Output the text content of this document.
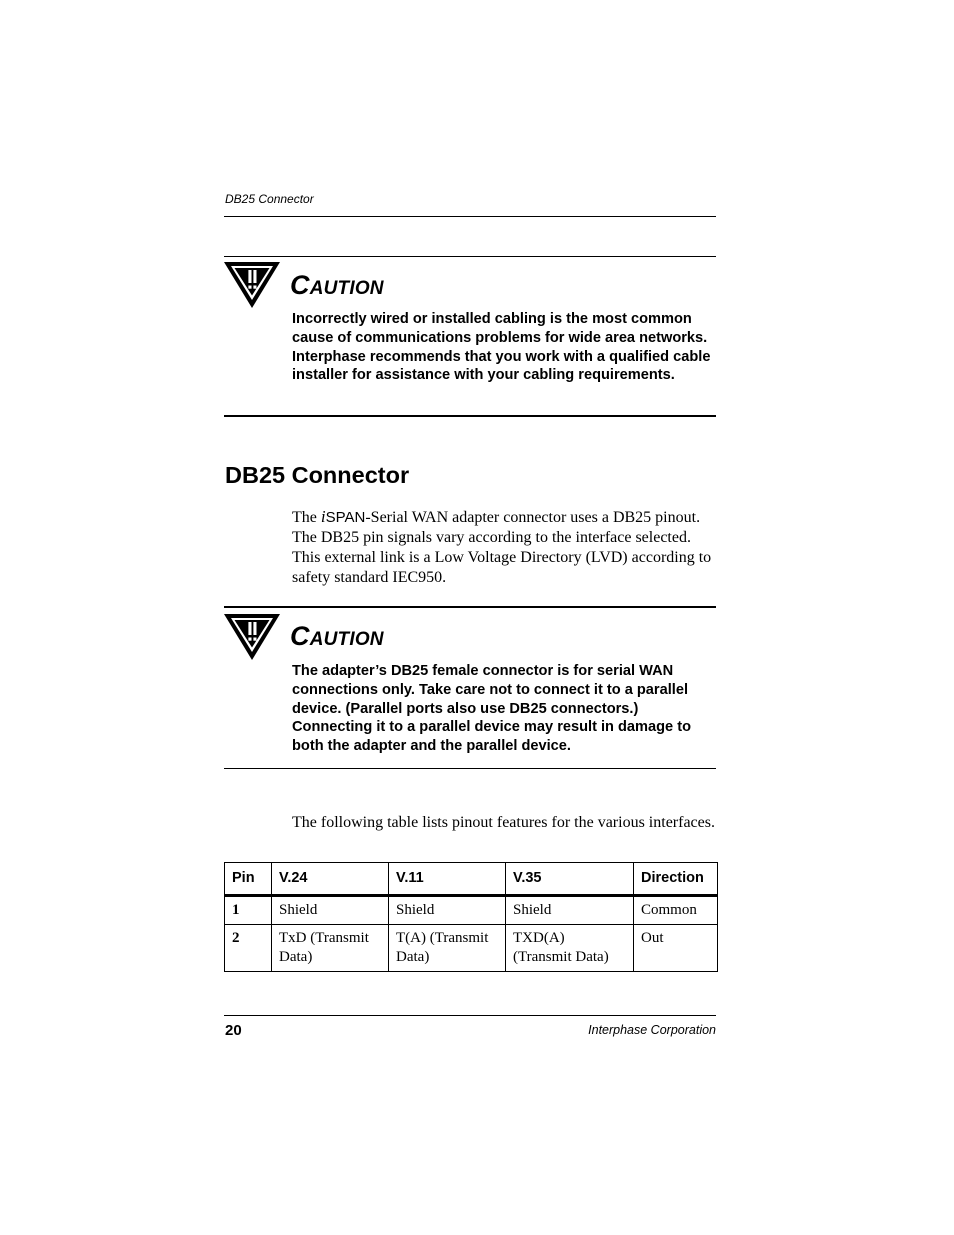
DB25 Connector
CAUTION
Incorrectly wired or installed cabling is the most common cause of communications problems for wide area networks. Interphase recommends that you work with a qualified cable installer for assistance with your cabling requirements.
DB25 Connector
The iSPAN-Serial WAN adapter connector uses a DB25 pinout. The DB25 pin signals vary according to the interface selected. This external link is a Low Voltage Directory (LVD) according to safety standard IEC950.
CAUTION
The adapter’s DB25 female connector is for serial WAN connections only. Take care not to connect it to a parallel device. (Parallel ports also use DB25 connectors.) Connecting it to a parallel device may result in damage to both the adapter and the parallel device.
The following table lists pinout features for the various interfaces.
Pin	V.24	V.11	V.35	Direction
1	Shield	Shield	Shield	Common
2	TxD (Transmit Data)	T(A) (Transmit Data)	TXD(A) (Transmit Data)	Out
20	Interphase Corporation
